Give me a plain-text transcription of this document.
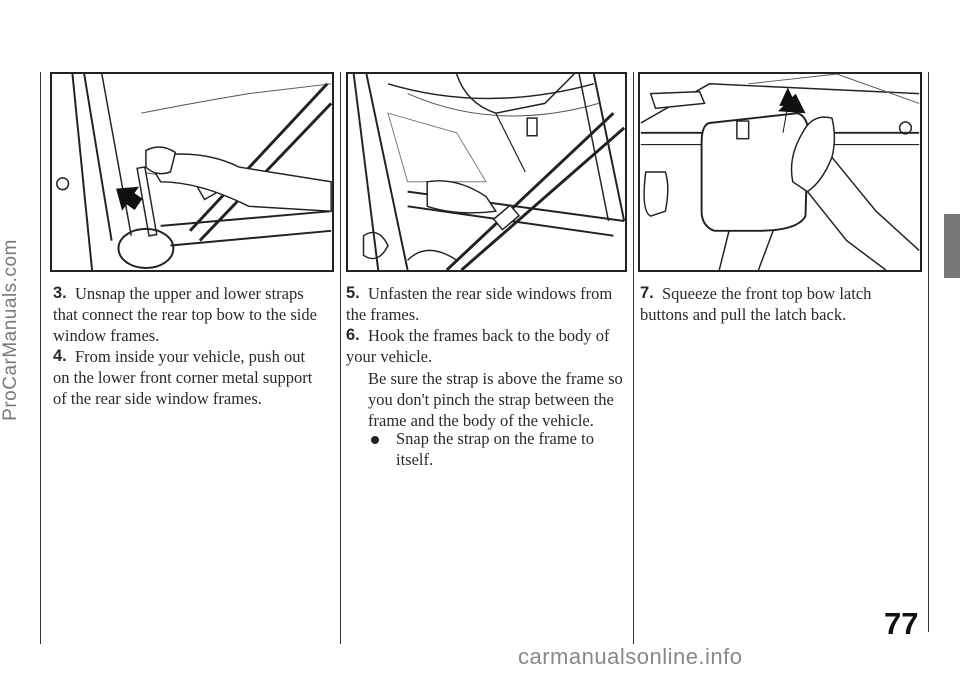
3. Unsnap the upper and lower straps that connect the rear top bow to the side window frames.
4. From inside your vehicle, push out on the lower front corner metal support of the rear side window frames.
5. Unfasten the rear side windows from the frames.
6. Hook the frames back to the body of your vehicle.
Be sure the strap is above the frame so you don't pinch the strap between the frame and the body of the vehicle.
Snap the strap on the frame to itself.
7. Squeeze the front top bow latch buttons and pull the latch back.
77
ProCarManuals.com
carmanualsonline.info
